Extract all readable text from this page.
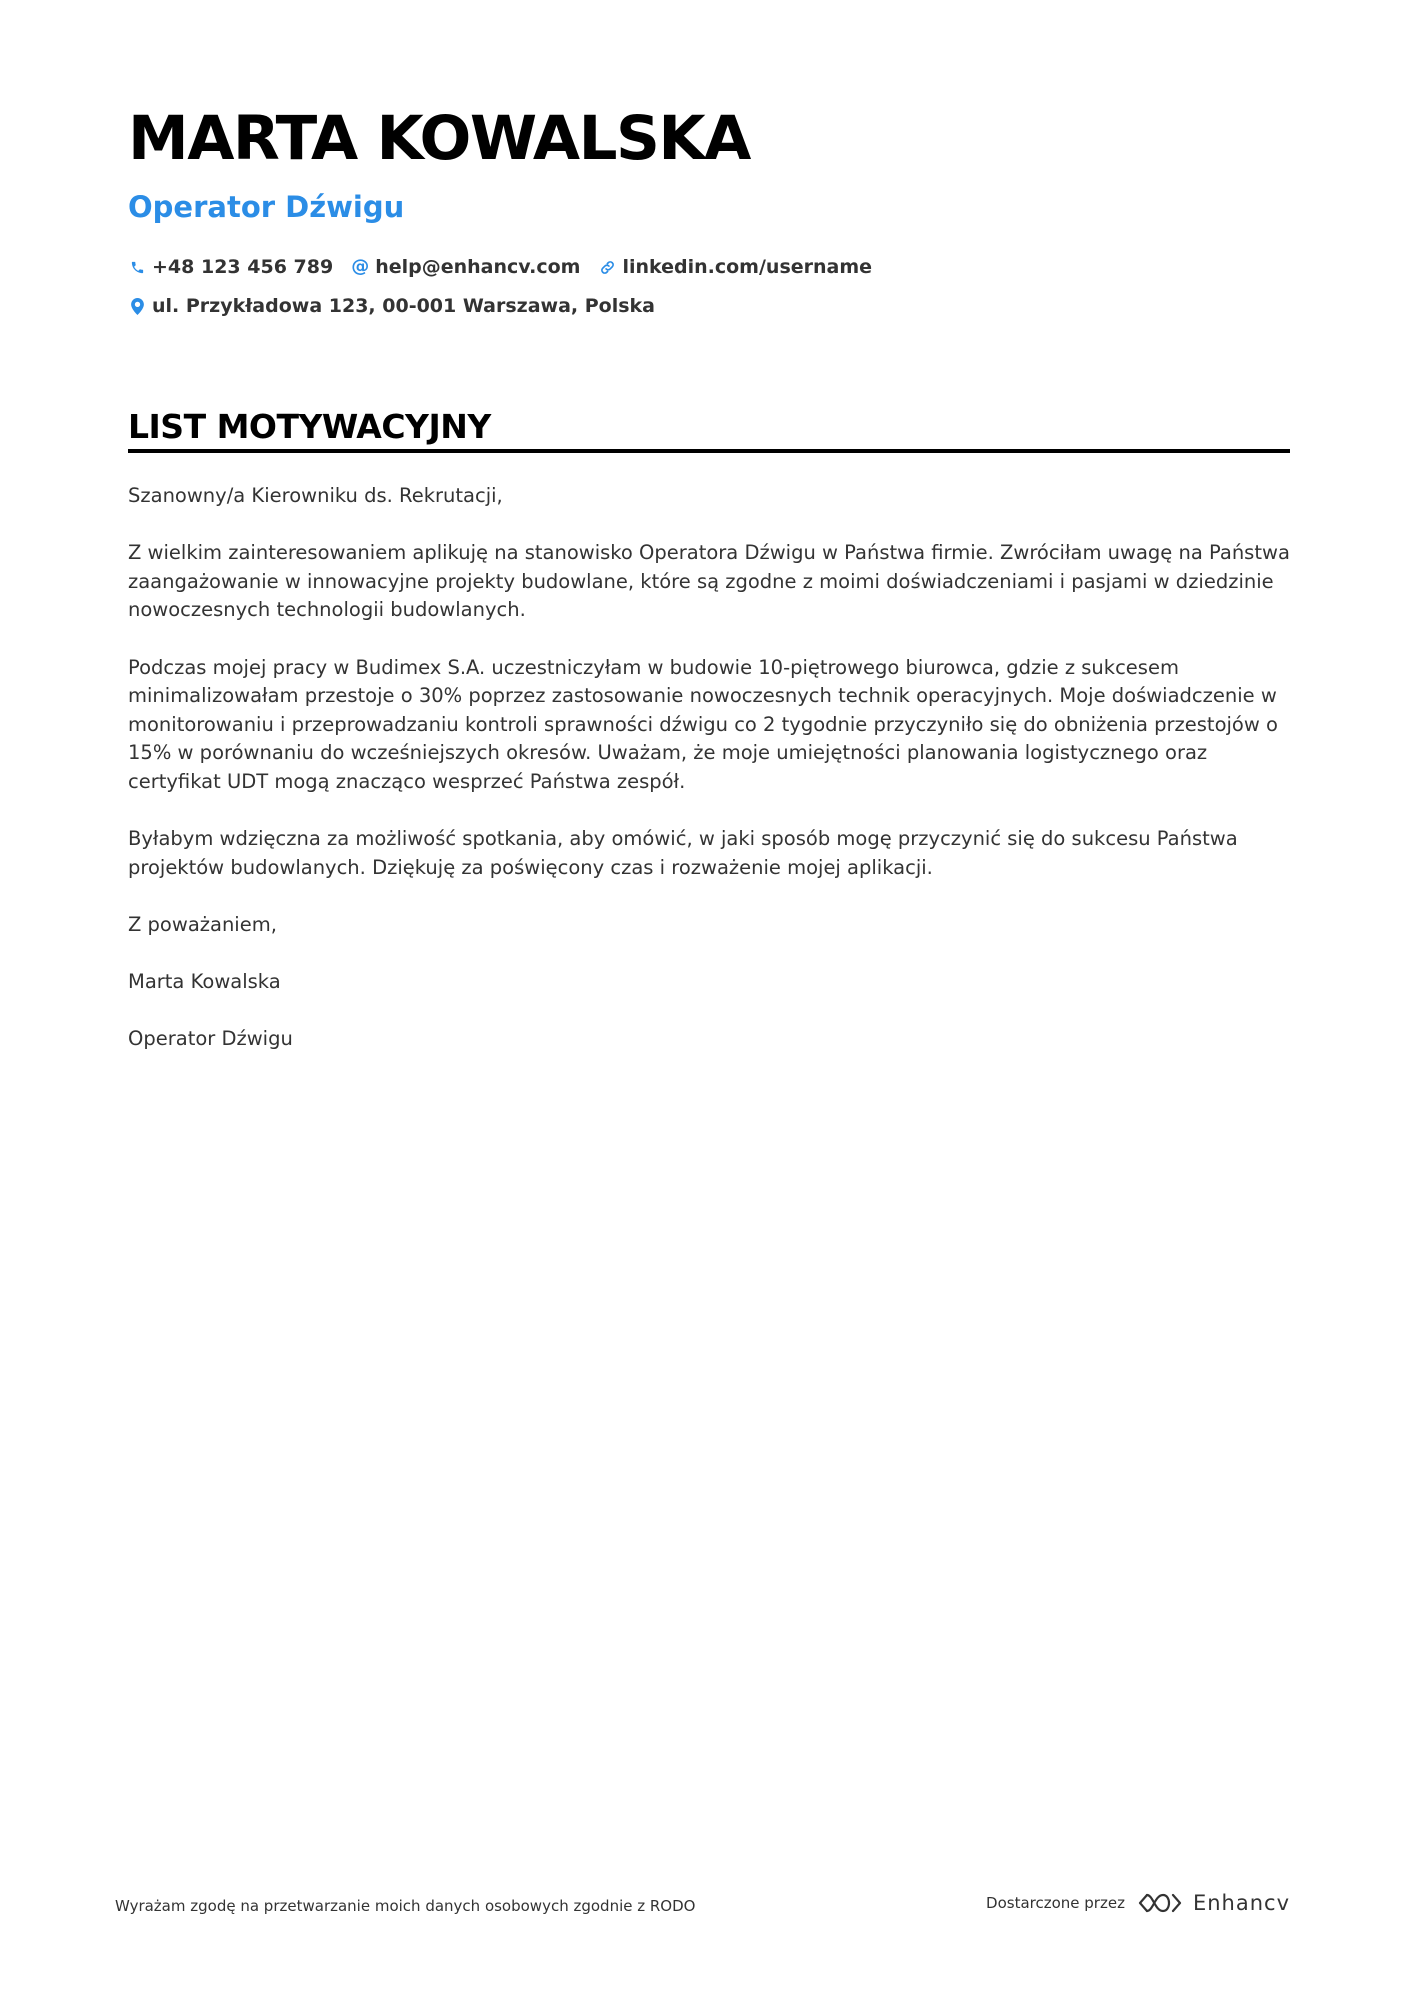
MARTA KOWALSKA
Operator Dźwigu
+48 123 456 789 @ help@enhancv.com linkedin.com/username
ul. Przykładowa 123, 00-001 Warszawa, Polska
LIST MOTYWACYJNY

Szanowny/a Kierowniku ds. Rekrutacji,

Z wielkim zainteresowaniem aplikuję na stanowisko Operatora Dźwigu w Państwa firmie. Zwróciłam uwagę na Państwa zaangażowanie w innowacyjne projekty budowlane, które są zgodne z moimi doświadczeniami i pasjami w dziedzinie nowoczesnych technologii budowlanych.

Podczas mojej pracy w Budimex S.A. uczestniczyłam w budowie 10-piętrowego biurowca, gdzie z sukcesem minimalizowałam przestoje o 30% poprzez zastosowanie nowoczesnych technik operacyjnych. Moje doświadczenie w monitorowaniu i przeprowadzaniu kontroli sprawności dźwigu co 2 tygodnie przyczyniło się do obniżenia przestojów o 15% w porównaniu do wcześniejszych okresów. Uważam, że moje umiejętności planowania logistycznego oraz certyfikat UDT mogą znacząco wesprzeć Państwa zespół.

Byłabym wdzięczna za możliwość spotkania, aby omówić, w jaki sposób mogę przyczynić się do sukcesu Państwa projektów budowlanych. Dziękuję za poświęcony czas i rozważenie mojej aplikacji.

Z poważaniem,

Marta Kowalska

Operator Dźwigu

Wyrażam zgodę na przetwarzanie moich danych osobowych zgodnie z RODO	Dostarczone przez	Enhancv
